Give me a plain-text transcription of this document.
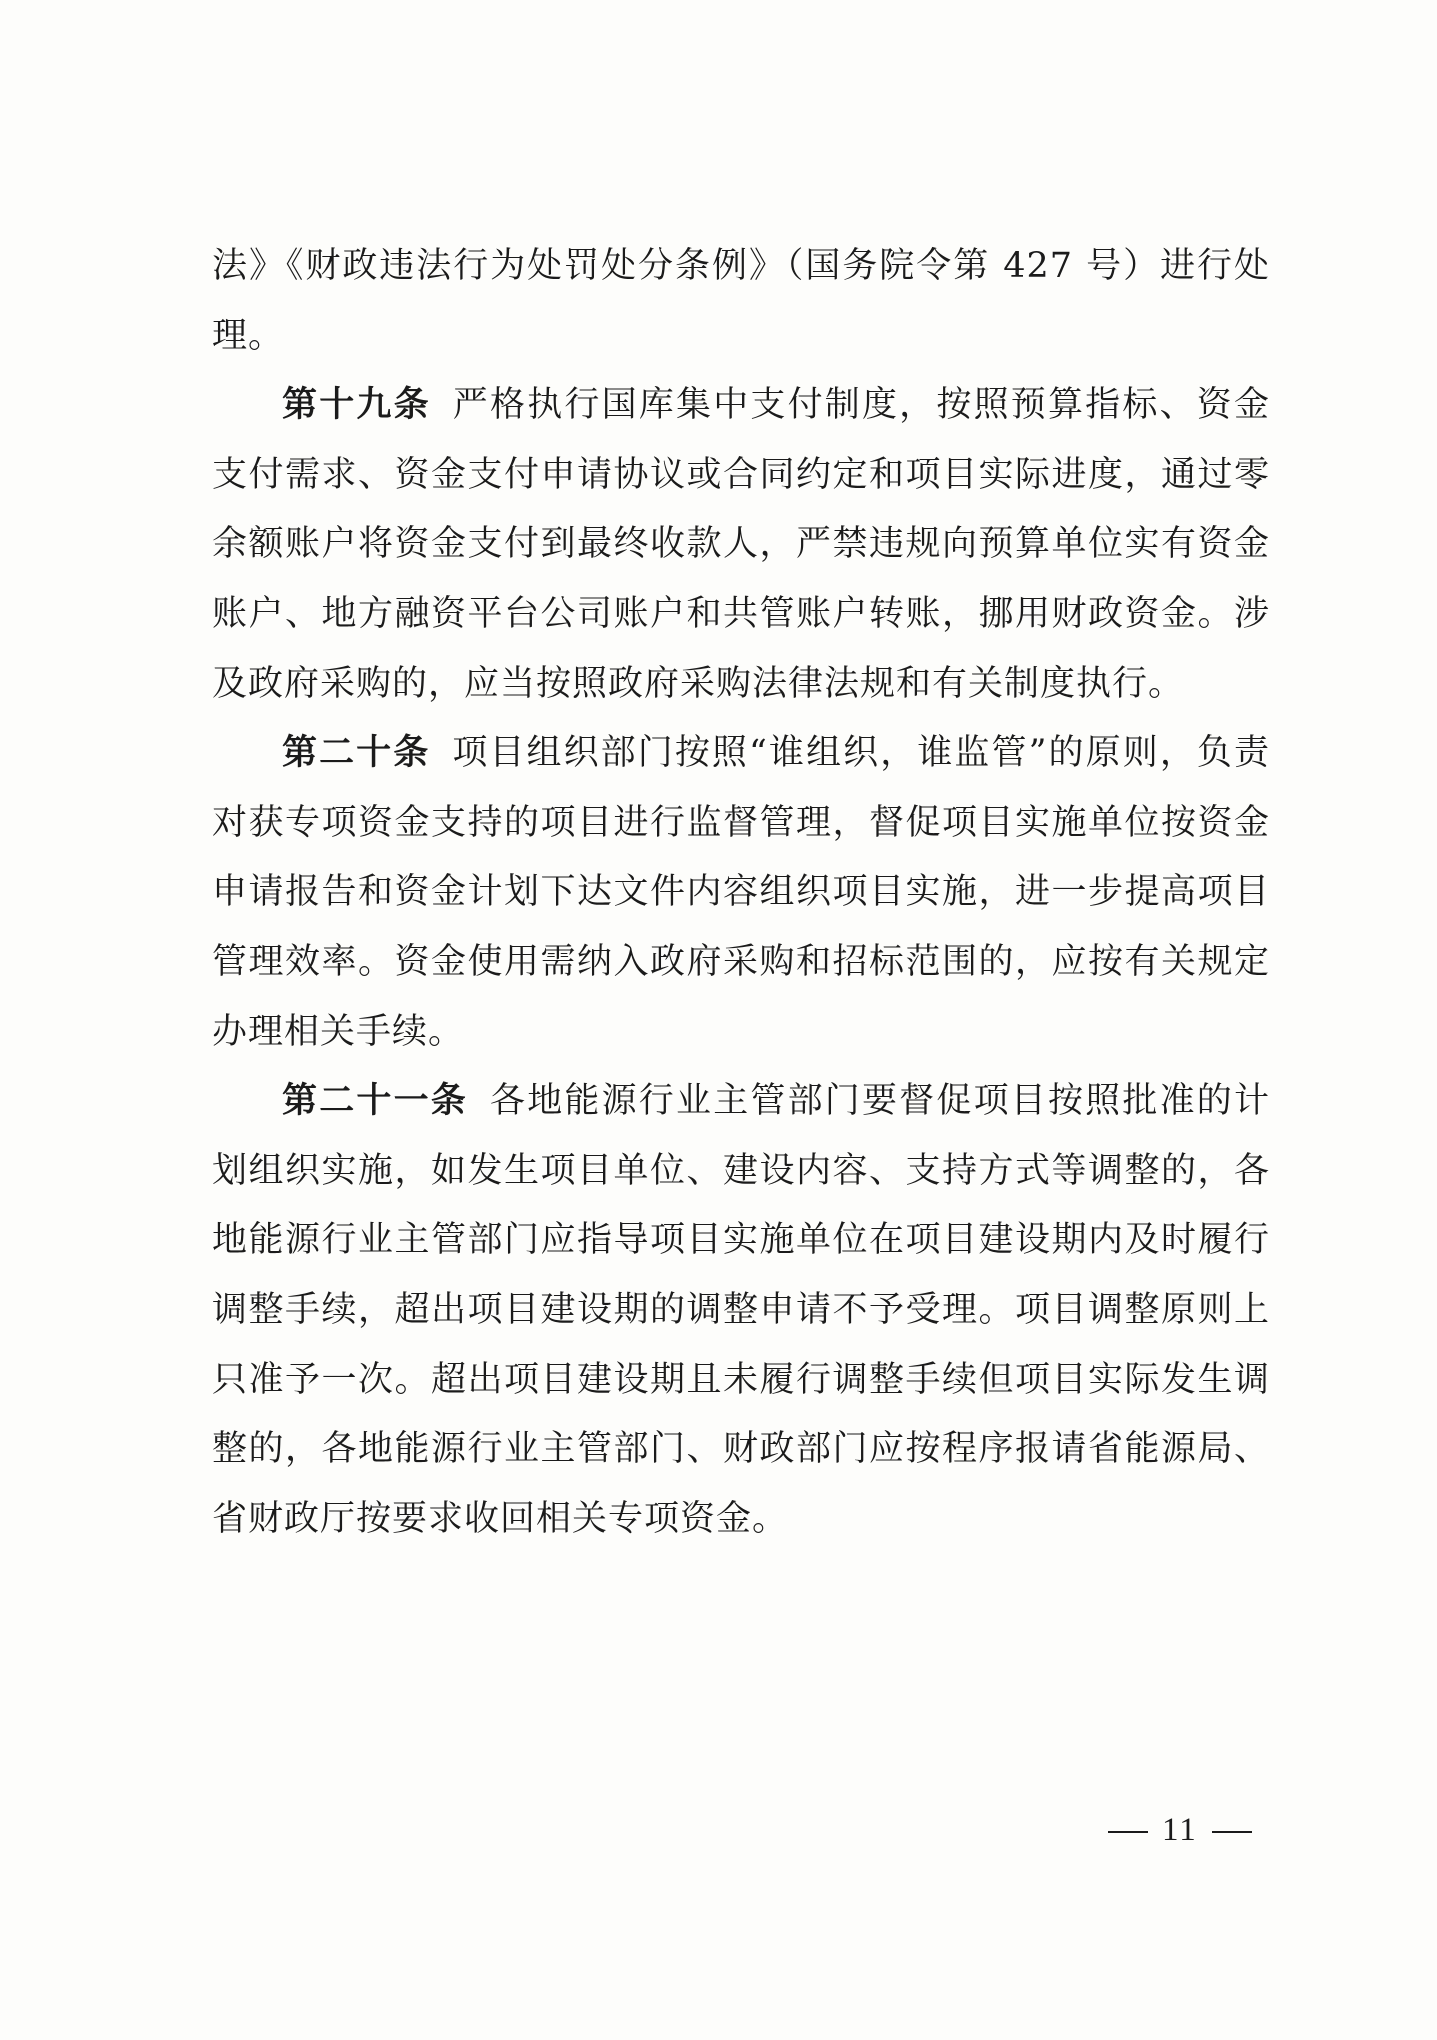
法》《财政违法行为处罚处分条例》（国务院令第 427 号）进行处理。

第十九条 严格执行国库集中支付制度，按照预算指标、资金支付需求、资金支付申请协议或合同约定和项目实际进度，通过零余额账户将资金支付到最终收款人，严禁违规向预算单位实有资金账户、地方融资平台公司账户和共管账户转账，挪用财政资金。涉及政府采购的，应当按照政府采购法律法规和有关制度执行。

第二十条 项目组织部门按照“谁组织，谁监管”的原则，负责对获专项资金支持的项目进行监督管理，督促项目实施单位按资金申请报告和资金计划下达文件内容组织项目实施，进一步提高项目管理效率。资金使用需纳入政府采购和招标范围的，应按有关规定办理相关手续。

第二十一条 各地能源行业主管部门要督促项目按照批准的计划组织实施，如发生项目单位、建设内容、支持方式等调整的，各地能源行业主管部门应指导项目实施单位在项目建设期内及时履行调整手续，超出项目建设期的调整申请不予受理。项目调整原则上只准予一次。超出项目建设期且未履行调整手续但项目实际发生调整的，各地能源行业主管部门、财政部门应按程序报请省能源局、省财政厅按要求收回相关专项资金。

11
